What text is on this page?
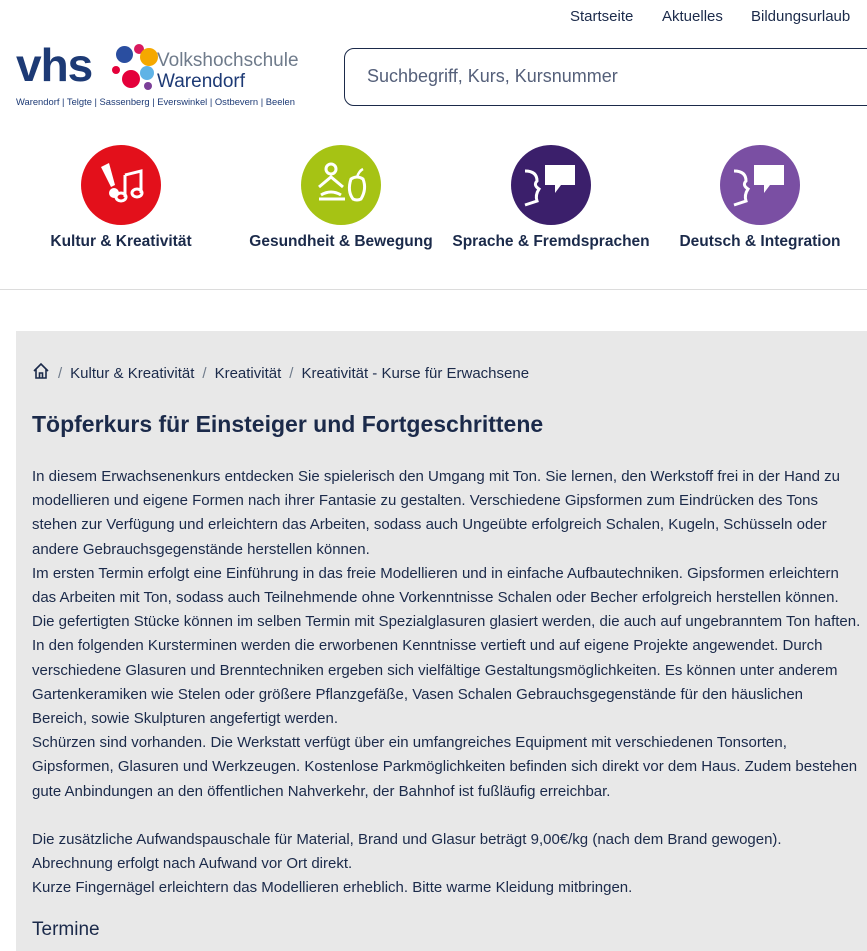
Startseite Aktuelles Bildungsurlaub
vhs	Volkshochschule
Warendorf
Warendorf | Telgte | Sassenberg | Everswinkel | Ostbevern | Beelen
Suchbegriff, Kurs, Kursnummer
Kultur & Kreativität	Gesundheit & Bewegung	Sprache & Fremdsprachen	Deutsch & Integration
/ Kultur & Kreativität / Kreativität / Kreativität - Kurse für Erwachsene
Töpferkurs für Einsteiger und Fortgeschrittene

In diesem Erwachsenenkurs entdecken Sie spielerisch den Umgang mit Ton. Sie lernen, den Werkstoff frei in der Hand zu modellieren und eigene Formen nach ihrer Fantasie zu gestalten. Verschiedene Gipsformen zum Eindrücken des Tons stehen zur Verfügung und erleichtern das Arbeiten, sodass auch Ungeübte erfolgreich Schalen, Kugeln, Schüsseln oder andere Gebrauchsgegenstände herstellen können.

Im ersten Termin erfolgt eine Einführung in das freie Modellieren und in einfache Aufbautechniken. Gipsformen erleichtern das Arbeiten mit Ton, sodass auch Teilnehmende ohne Vorkenntnisse Schalen oder Becher erfolgreich herstellen können. Die gefertigten Stücke können im selben Termin mit Spezialglasuren glasiert werden, die auch auf ungebranntem Ton haften. In den folgenden Kursterminen werden die erworbenen Kenntnisse vertieft und auf eigene Projekte angewendet. Durch verschiedene Glasuren und Brenntechniken ergeben sich vielfältige Gestaltungsmöglichkeiten. Es können unter anderem Gartenkeramiken wie Stelen oder größere Pflanzgefäße, Vasen Schalen Gebrauchsgegenstände für den häuslichen Bereich, sowie Skulpturen angefertigt werden.

Schürzen sind vorhanden. Die Werkstatt verfügt über ein umfangreiches Equipment mit verschiedenen Tonsorten, Gipsformen, Glasuren und Werkzeugen. Kostenlose Parkmöglichkeiten befinden sich direkt vor dem Haus. Zudem bestehen gute Anbindungen an den öffentlichen Nahverkehr, der Bahnhof ist fußläufig erreichbar.

Die zusätzliche Aufwandspauschale für Material, Brand und Glasur beträgt 9,00€/kg (nach dem Brand gewogen). Abrechnung erfolgt nach Aufwand vor Ort direkt.

Kurze Fingernägel erleichtern das Modellieren erheblich. Bitte warme Kleidung mitbringen.

Termine
